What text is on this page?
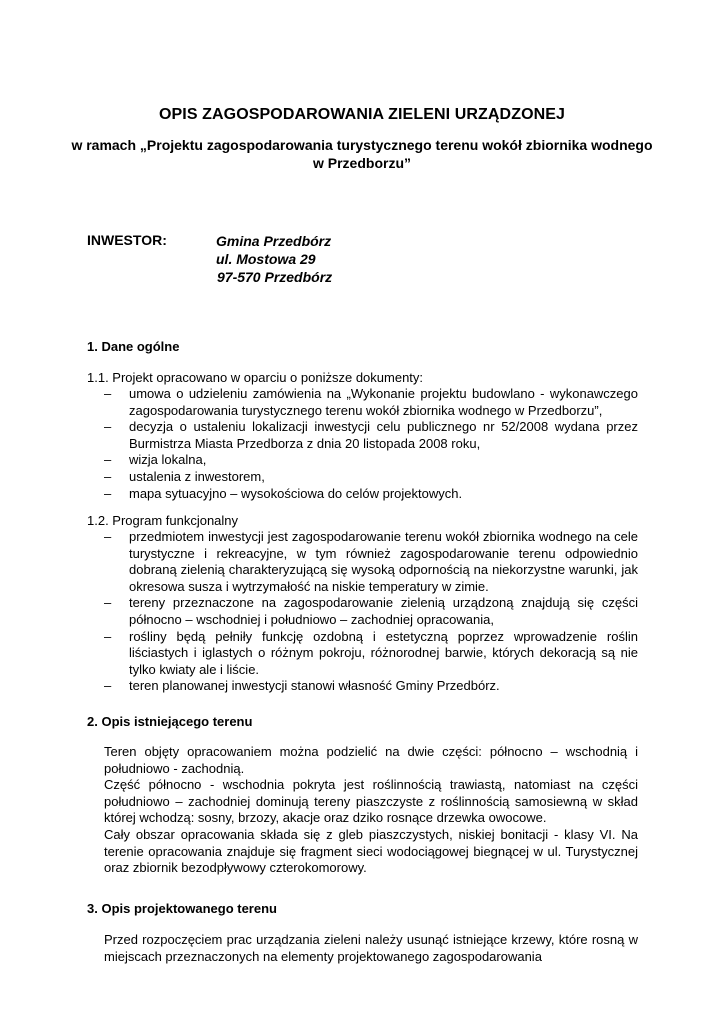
OPIS ZAGOSPODAROWANIA ZIELENI URZĄDZONEJ
w ramach „Projektu zagospodarowania turystycznego terenu wokół zbiornika wodnego w Przedborzu”
INWESTOR:	Gmina Przedbórz
ul. Mostowa 29
97-570 Przedbórz
1. Dane ogólne
1.1. Projekt opracowano w oparciu o poniższe dokumenty:
– umowa o udzieleniu zamówienia na „Wykonanie projektu budowlano - wykonawczego zagospodarowania turystycznego terenu wokół zbiornika wodnego w Przedborzu”,
– decyzja o ustaleniu lokalizacji inwestycji celu publicznego nr 52/2008 wydana przez Burmistrza Miasta Przedborza z dnia 20 listopada 2008 roku,
– wizja lokalna,
– ustalenia z inwestorem,
– mapa sytuacyjno – wysokościowa do celów projektowych.
1.2. Program funkcjonalny
– przedmiotem inwestycji jest zagospodarowanie terenu wokół zbiornika wodnego na cele turystyczne i rekreacyjne, w tym również zagospodarowanie terenu odpowiednio dobraną zielenią charakteryzującą się wysoką odpornością na niekorzystne warunki, jak okresowa susza i wytrzymałość na niskie temperatury w zimie.
– tereny przeznaczone na zagospodarowanie zielenią urządzoną znajdują się części północno – wschodniej i południowo – zachodniej opracowania,
– rośliny będą pełniły funkcję ozdobną i estetyczną poprzez wprowadzenie roślin liściastych i iglastych o różnym pokroju, różnorodnej barwie, których dekoracją są nie tylko kwiaty ale i liście.
– teren planowanej inwestycji stanowi własność Gminy Przedbórz.
2. Opis istniejącego terenu

Teren objęty opracowaniem można podzielić na dwie części: północno – wschodnią i południowo - zachodnią.

Część północno - wschodnia pokryta jest roślinnością trawiastą, natomiast na części południowo – zachodniej dominują tereny piaszczyste z roślinnością samosiewną w skład której wchodzą: sosny, brzozy, akacje oraz dziko rosnące drzewka owocowe.

Cały obszar opracowania składa się z gleb piaszczystych, niskiej bonitacji - klasy VI. Na terenie opracowania znajduje się fragment sieci wodociągowej biegnącej w ul. Turystycznej oraz zbiornik bezodpływowy czterokomorowy.

3. Opis projektowanego terenu

Przed rozpoczęciem prac urządzania zieleni należy usunąć istniejące krzewy, które rosną w miejscach przeznaczonych na elementy projektowanego zagospodarowania
